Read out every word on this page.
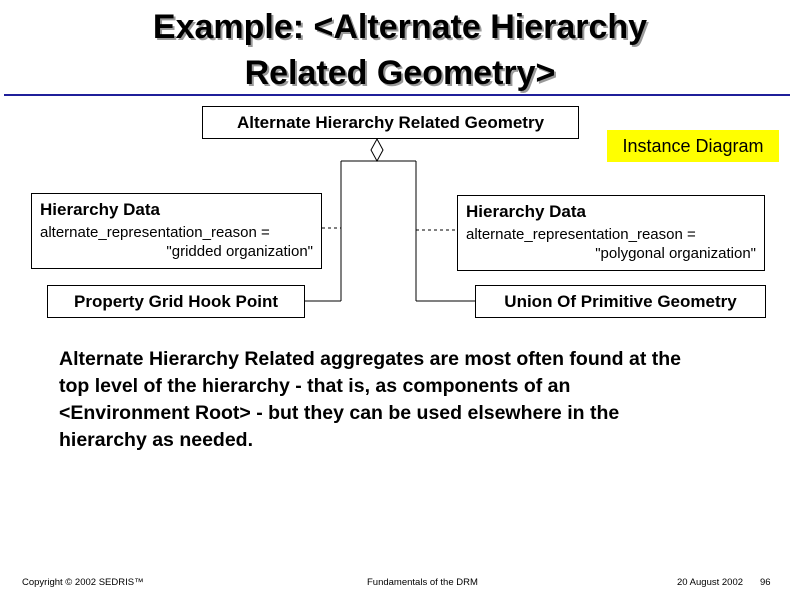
Example: <Alternate Hierarchy
Related Geometry>
Alternate Hierarchy Related Geometry
Instance Diagram
Hierarchy Data
alternate_representation_reason =
"gridded organization"
Hierarchy Data
alternate_representation_reason =
"polygonal organization"
Property Grid Hook Point	Union Of Primitive Geometry

Alternate Hierarchy Related aggregates are most often found at the

top level of the hierarchy - that is, as components of an

<Environment Root> - but they can be used elsewhere in the

hierarchy as needed.

Copyright © 2002 SEDRIS™	Fundamentals of the DRM	20 August 2002 96
